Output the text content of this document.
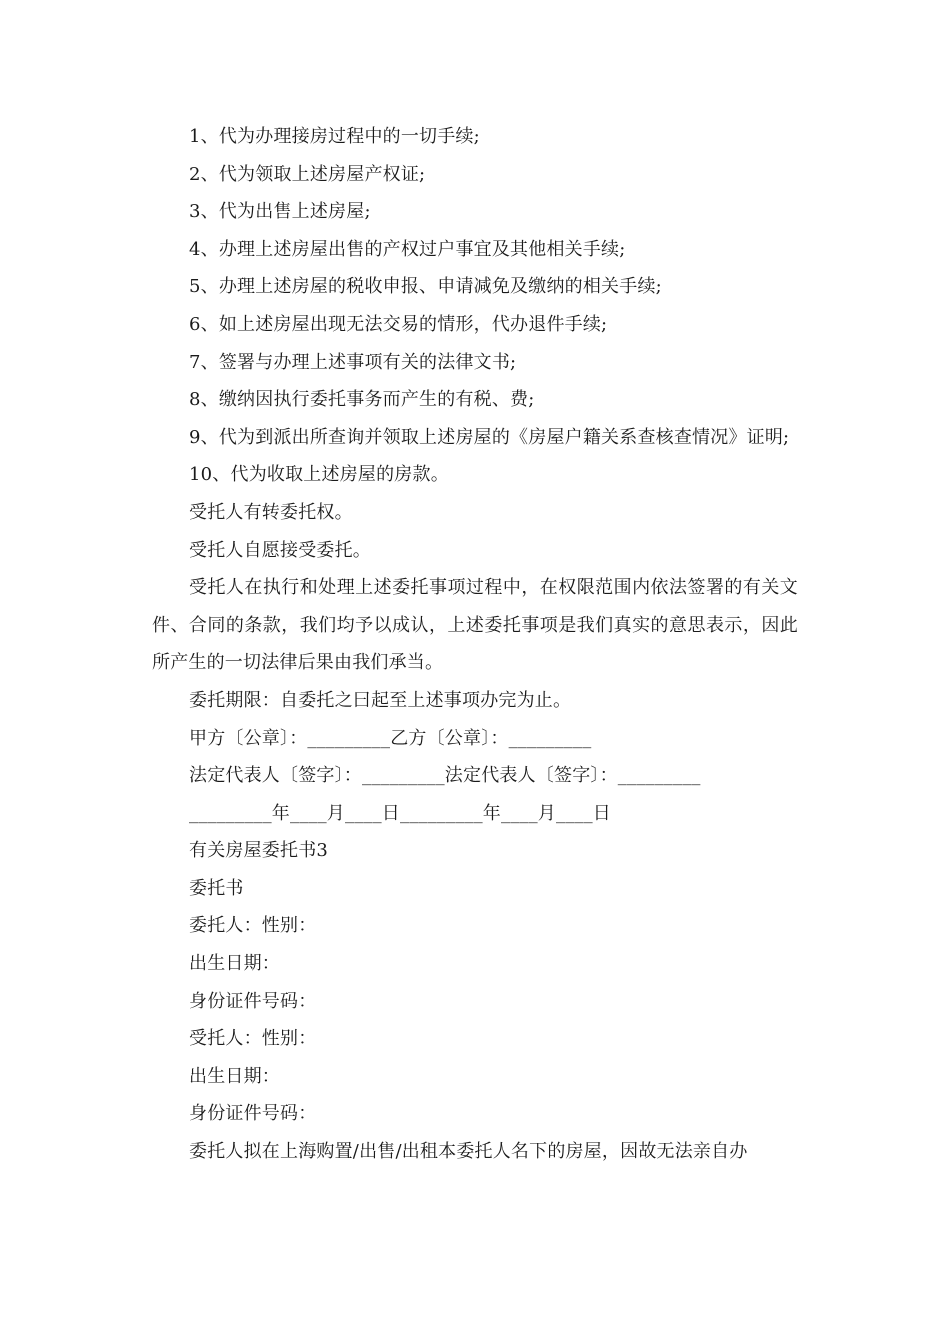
1、代为办理接房过程中的一切手续;

2、代为领取上述房屋产权证;

3、代为出售上述房屋;

4、办理上述房屋出售的产权过户事宜及其他相关手续;

5、办理上述房屋的税收申报、申请减免及缴纳的相关手续;

6、如上述房屋出现无法交易的情形，代办退件手续;

7、签署与办理上述事项有关的法律文书;

8、缴纳因执行委托事务而产生的有税、费;

9、代为到派出所查询并领取上述房屋的《房屋户籍关系查核查情况》证明;

10、代为收取上述房屋的房款。

受托人有转委托权。

受托人自愿接受委托。

受托人在执行和处理上述委托事项过程中，在权限范围内依法签署的有关文件、合同的条款，我们均予以成认，上述委托事项是我们真实的意思表示，因此所产生的一切法律后果由我们承当。

委托期限：自委托之曰起至上述事项办完为止。

甲方〔公章〕：_________乙方〔公章〕：_________

法定代表人〔签字〕：_________法定代表人〔签字〕：_________

_________年____月____日_________年____月____日

有关房屋委托书3

委托书

委托人：性别：

出生日期：

身份证件号码：

受托人：性别：

出生日期：

身份证件号码：

委托人拟在上海购置/出售/出租本委托人名下的房屋，因故无法亲自办
